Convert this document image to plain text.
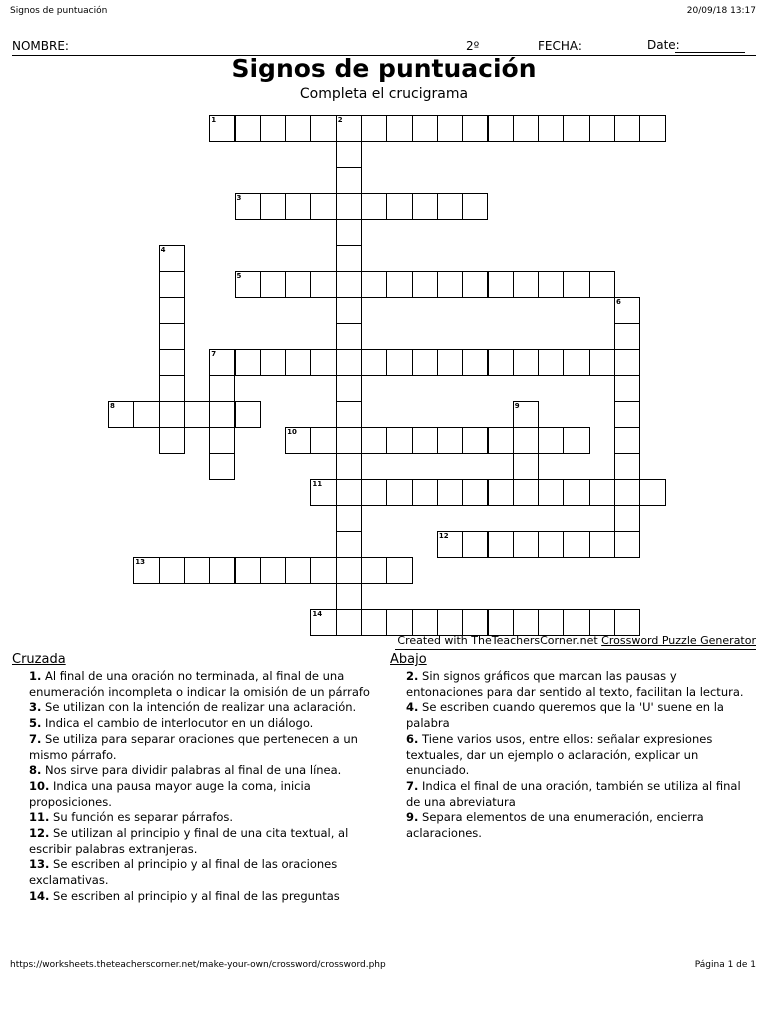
Signos de puntuación	20/09/18 13:17
NOMBRE:	2º	FECHA:	Date:
Signos de puntuación
Completa el crucigrama
1	2
3
4
5
6
7
8	9
10
11
12
13
14
Created with TheTeachersCorner.net Crossword Puzzle Generator
Cruzada	Abajo
1. Al final de una oración no terminada, al final de una enumeración incompleta o indicar la omisión de un párrafo
3. Se utilizan con la intención de realizar una aclaración.
5. Indica el cambio de interlocutor en un diálogo.
7. Se utiliza para separar oraciones que pertenecen a un mismo párrafo.
8. Nos sirve para dividir palabras al final de una línea.
10. Indica una pausa mayor auge la coma, inicia proposiciones.
11. Su función es separar párrafos.
12. Se utilizan al principio y final de una cita textual, al escribir palabras extranjeras.
13. Se escriben al principio y al final de las oraciones exclamativas.
14. Se escriben al principio y al final de las preguntas
2. Sin signos gráficos que marcan las pausas y entonaciones para dar sentido al texto, facilitan la lectura.
4. Se escriben cuando queremos que la 'U' suene en la palabra
6. Tiene varios usos, entre ellos: señalar expresiones textuales, dar un ejemplo o aclaración, explicar un enunciado.
7. Indica el final de una oración, también se utiliza al final de una abreviatura
9. Separa elementos de una enumeración, encierra aclaraciones.
https://worksheets.theteacherscorner.net/make-your-own/crossword/crossword.php	Página 1 de 1
